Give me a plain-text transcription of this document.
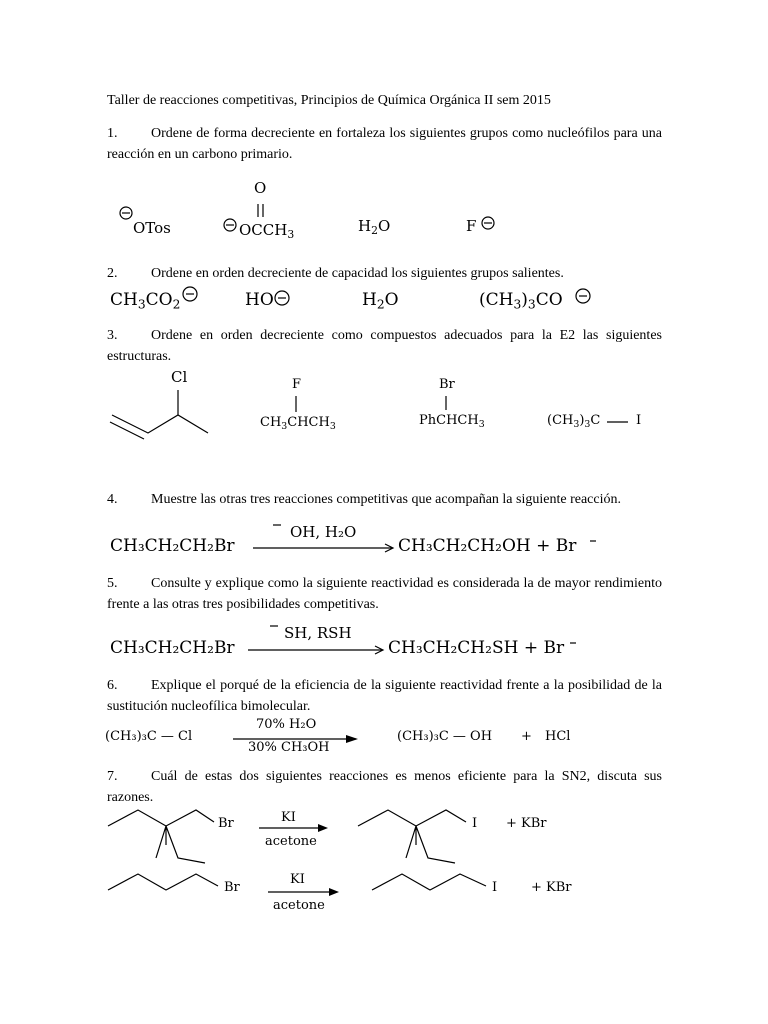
Taller de reacciones competitivas, Principios de Química Orgánica II sem 2015

1. Ordene de forma decreciente en fortaleza los siguientes grupos como nucleófilos para una reacción en un carbono primario.
2. Ordene en orden decreciente de capacidad los siguientes grupos salientes.
3. Ordene en orden decreciente como compuestos adecuados para la E2 las siguientes estructuras.
4. Muestre las otras tres reacciones competitivas que acompañan la siguiente reacción.
5. Consulte y explique como la siguiente reactividad es considerada la de mayor rendimiento frente a las otras tres posibilidades competitivas.
6. Explique el porqué de la eficiencia de la siguiente reactividad frente a la posibilidad de la sustitución nucleofílica bimolecular.
7. Cuál de estas dos siguientes reacciones es menos eficiente para la SN2, discuta sus razones.
OTos
O
$OCCH_3$	$H_2O$	F
$CH_3CO_2$	HO	$H_2O$	$(CH_3)_3CO$
Cl	F
$CH_3CHCH_3$
Br
PhCHCH$_3$	$(CH_3)_3C$	I
CH₃CH₂CH₂Br
OH, H₂O
CH₃CH₂CH₂OH + Br
CH₃CH₂CH₂Br
SH, RSH
CH₃CH₂CH₂SH + Br
(CH₃)₃C — Cl
70% H₂O
30% CH₃OH
(CH₃)₃C — OH + HCl
Br	KI
acetone
I + KBr
Br
KI
acetone
I	+ KBr
